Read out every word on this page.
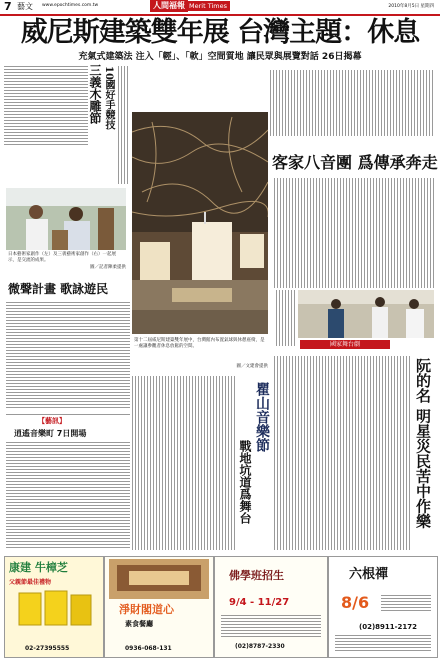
7 藝文 www.epochtimes.com.tw	人間福報 Merit Times	2010年8月5日 星期四
威尼斯建築雙年展 台灣主題：休息
充氣式建築法 注入「輕」、「軟」空間質地 讓民眾與展覽對話 26日揭幕
三義木雕節 10國好手競技
日本藝術家創作（左）及三義藝術家創作（右）一起展示，是交流的成果。
圖／記者陳柔提供
微聲計畫 歌詠遊民
【藝訊】
逍遙音樂町 7日開場
第十二屆威尼斯建築雙年展中，台灣館內布置氣球與休憩座椅，是一處讓參觀者休息放鬆的空間。
圖／文建會提供
客家八音團 爲傳承奔走
國家舞台劇
阮的名 明星災民苦中作樂
瞿山音樂節
戰地坑道爲舞台
康建 牛樟芝
父親節最佳禮物
02-27395555
淨財閣道心
素食餐廳
0936-068-131
佛學班招生
9/4 - 11/27
(02)8787-2330
六根禪
8/6
(02)8911-2172
